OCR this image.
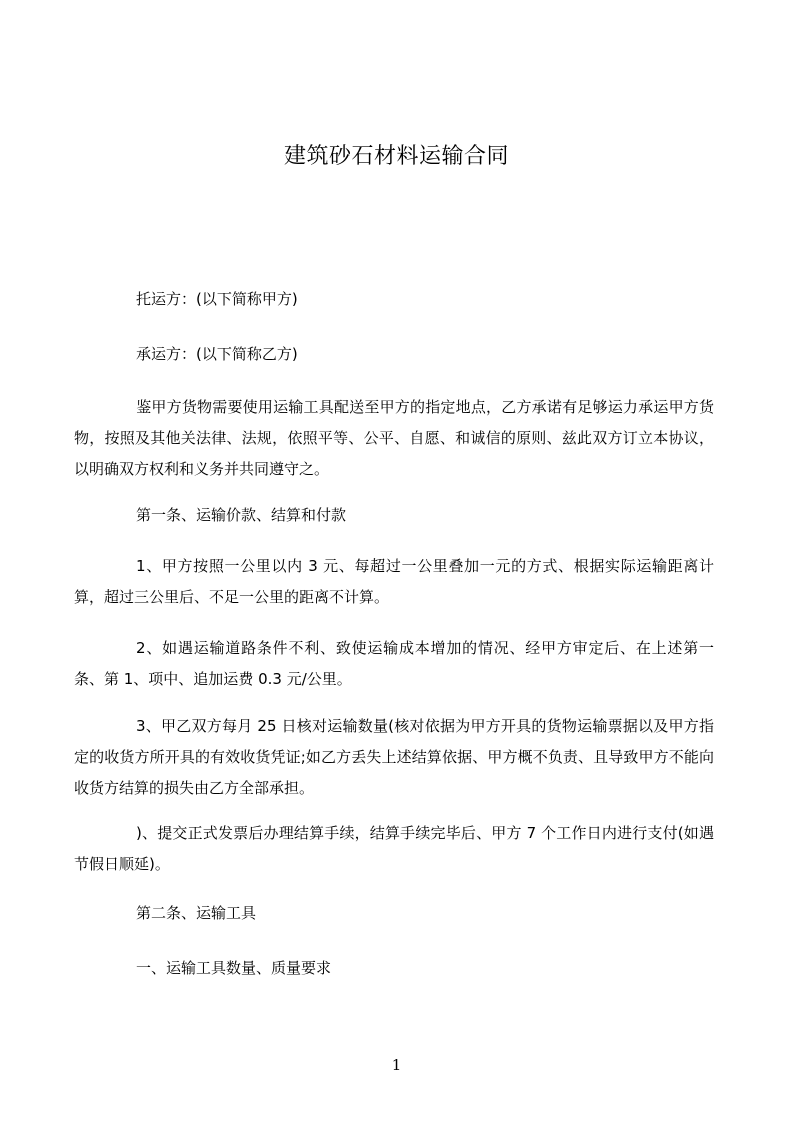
建筑砂石材料运输合同

托运方：(以下简称甲方)

承运方：(以下简称乙方)

鉴甲方货物需要使用运输工具配送至甲方的指定地点，乙方承诺有足够运力承运甲方货物，按照及其他关法律、法规，依照平等、公平、自愿、和诚信的原则、兹此双方订立本协议，以明确双方权利和义务并共同遵守之。

第一条、运输价款、结算和付款

1、甲方按照一公里以内 3 元、每超过一公里叠加一元的方式、根据实际运输距离计算，超过三公里后、不足一公里的距离不计算。

2、如遇运输道路条件不利、致使运输成本增加的情况、经甲方审定后、在上述第一条、第 1、项中、追加运费 0.3 元/公里。

3、甲乙双方每月 25 日核对运输数量(核对依据为甲方开具的货物运输票据以及甲方指定的收货方所开具的有效收货凭证;如乙方丢失上述结算依据、甲方概不负责、且导致甲方不能向收货方结算的损失由乙方全部承担。

)、提交正式发票后办理结算手续，结算手续完毕后、甲方 7 个工作日内进行支付(如遇节假日顺延)。

第二条、运输工具

一、运输工具数量、质量要求

1
